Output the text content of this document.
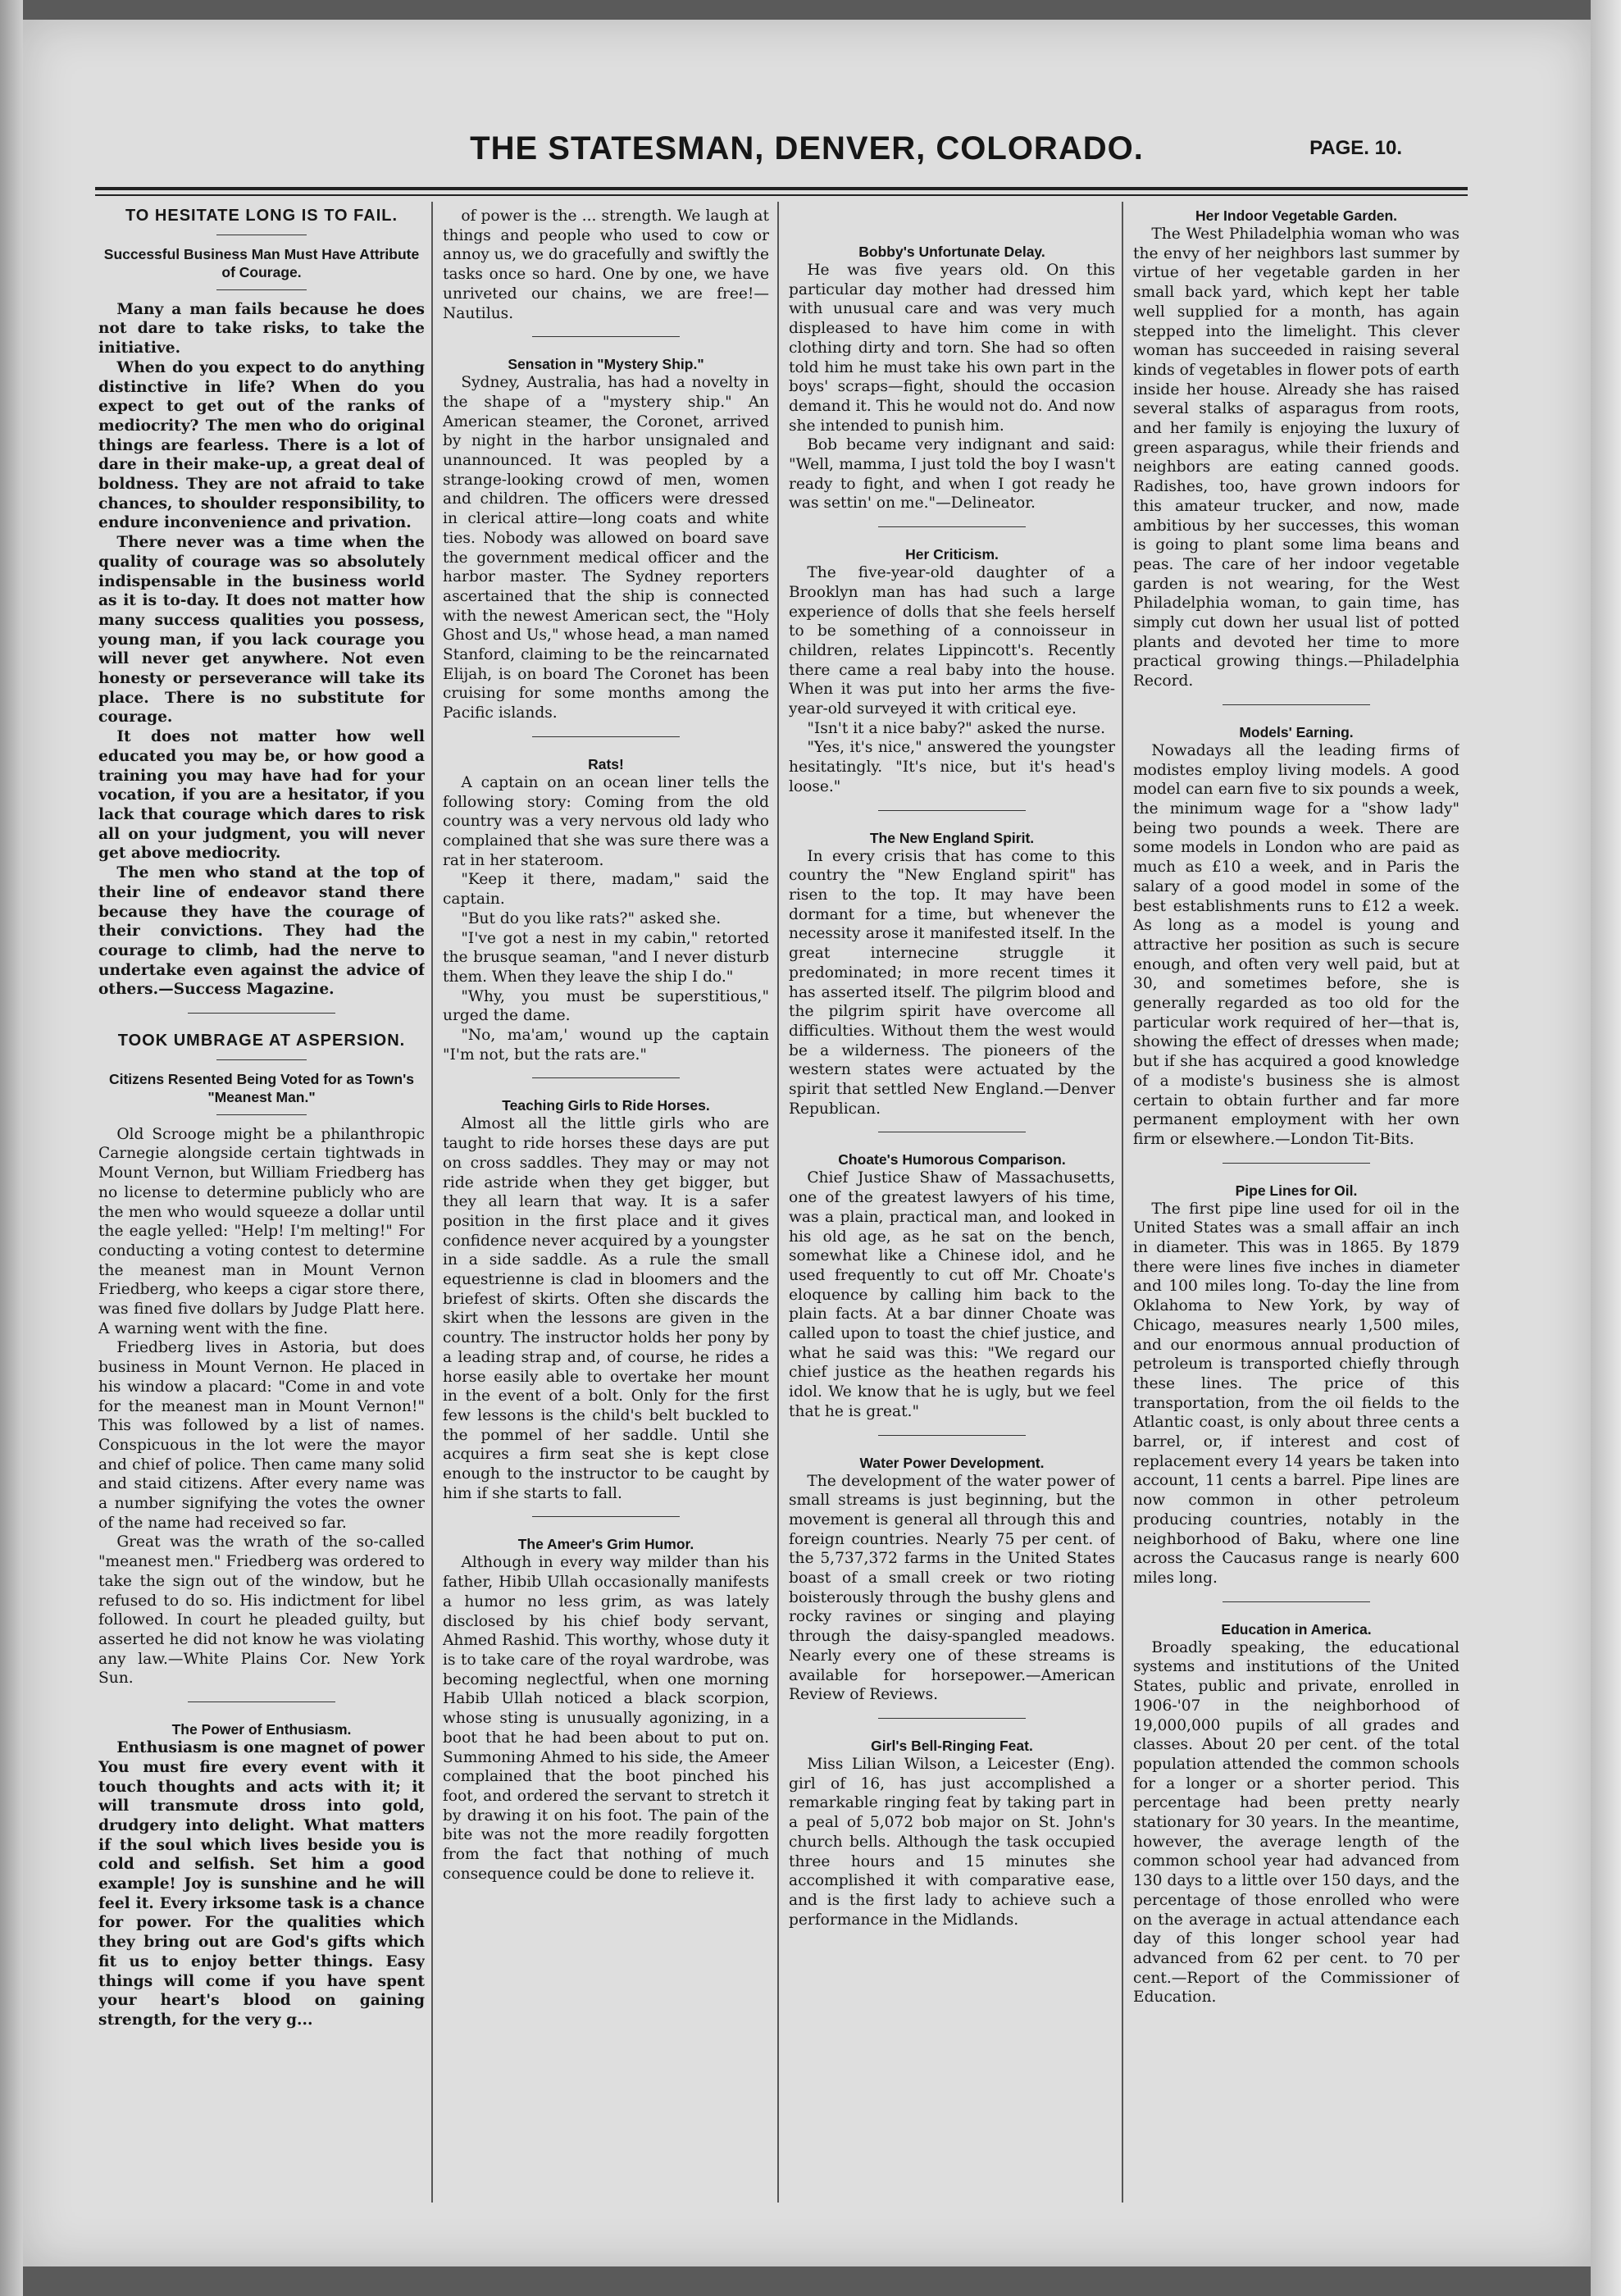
THE STATESMAN, DENVER, COLORADO.	PAGE. 10.

TO HESITATE LONG IS TO FAIL.

Successful Business Man Must Have Attribute of Courage.

Many a man fails because he does not dare to take risks, to take the initiative.

When do you expect to do anything distinctive in life? When do you expect to get out of the ranks of mediocrity? The men who do original things are fearless. There is a lot of dare in their make-up, a great deal of boldness. They are not afraid to take chances, to shoulder responsibility, to endure inconvenience and privation.

There never was a time when the quality of courage was so absolutely indispensable in the business world as it is to-day. It does not matter how many success qualities you possess, young man, if you lack courage you will never get anywhere. Not even honesty or perseverance will take its place. There is no substitute for courage.

It does not matter how well educated you may be, or how good a training you may have had for your vocation, if you are a hesitator, if you lack that courage which dares to risk all on your judgment, you will never get above mediocrity.

The men who stand at the top of their line of endeavor stand there because they have the courage of their convictions. They had the courage to climb, had the nerve to undertake even against the advice of others.—Success Magazine.

TOOK UMBRAGE AT ASPERSION.

Citizens Resented Being Voted for as Town's "Meanest Man."

Old Scrooge might be a philanthropic Carnegie alongside certain tightwads in Mount Vernon, but William Friedberg has no license to determine publicly who are the men who would squeeze a dollar until the eagle yelled: "Help! I'm melting!" For conducting a voting contest to determine the meanest man in Mount Vernon Friedberg, who keeps a cigar store there, was fined five dollars by Judge Platt here. A warning went with the fine.

Friedberg lives in Astoria, but does business in Mount Vernon. He placed in his window a placard: "Come in and vote for the meanest man in Mount Vernon!" This was followed by a list of names. Conspicuous in the lot were the mayor and chief of police. Then came many solid and staid citizens. After every name was a number signifying the votes the owner of the name had received so far.

Great was the wrath of the so-called "meanest men." Friedberg was ordered to take the sign out of the window, but he refused to do so. His indictment for libel followed. In court he pleaded guilty, but asserted he did not know he was violating any law.—White Plains Cor. New York Sun.

The Power of Enthusiasm.

Enthusiasm is one magnet of power You must fire every event with it touch thoughts and acts with it; it will transmute dross into gold, drudgery into delight. What matters if the soul which lives beside you is cold and selfish. Set him a good example! Joy is sunshine and he will feel it. Every irksome task is a chance for power. For the qualities which they bring out are God's gifts which fit us to enjoy better things. Easy things will come if you have spent your heart's blood on gaining strength, for the very g...

of power is the ... strength. We laugh at things and people who used to cow or annoy us, we do gracefully and swiftly the tasks once so hard. One by one, we have unriveted our chains, we are free!—Nautilus.

Sensation in "Mystery Ship."

Sydney, Australia, has had a novelty in the shape of a "mystery ship." An American steamer, the Coronet, arrived by night in the harbor unsignaled and unannounced. It was peopled by a strange-looking crowd of men, women and children. The officers were dressed in clerical attire—long coats and white ties. Nobody was allowed on board save the government medical officer and the harbor master. The Sydney reporters ascertained that the ship is connected with the newest American sect, the "Holy Ghost and Us," whose head, a man named Stanford, claiming to be the reincarnated Elijah, is on board The Coronet has been cruising for some months among the Pacific islands.

Rats!

A captain on an ocean liner tells the following story: Coming from the old country was a very nervous old lady who complained that she was sure there was a rat in her stateroom.

"Keep it there, madam," said the captain.

"But do you like rats?" asked she.

"I've got a nest in my cabin," retorted the brusque seaman, "and I never disturb them. When they leave the ship I do."

"Why, you must be superstitious," urged the dame.

"No, ma'am,' wound up the captain "I'm not, but the rats are."

Teaching Girls to Ride Horses.

Almost all the little girls who are taught to ride horses these days are put on cross saddles. They may or may not ride astride when they get bigger, but they all learn that way. It is a safer position in the first place and it gives confidence never acquired by a youngster in a side saddle. As a rule the small equestrienne is clad in bloomers and the briefest of skirts. Often she discards the skirt when the lessons are given in the country. The instructor holds her pony by a leading strap and, of course, he rides a horse easily able to overtake her mount in the event of a bolt. Only for the first few lessons is the child's belt buckled to the pommel of her saddle. Until she acquires a firm seat she is kept close enough to the instructor to be caught by him if she starts to fall.

The Ameer's Grim Humor.

Although in every way milder than his father, Hibib Ullah occasionally manifests a humor no less grim, as was lately disclosed by his chief body servant, Ahmed Rashid. This worthy, whose duty it is to take care of the royal wardrobe, was becoming neglectful, when one morning Habib Ullah noticed a black scorpion, whose sting is unusually agonizing, in a boot that he had been about to put on. Summoning Ahmed to his side, the Ameer complained that the boot pinched his foot, and ordered the servant to stretch it by drawing it on his foot. The pain of the bite was not the more readily forgotten from the fact that nothing of much consequence could be done to relieve it.

Bobby's Unfortunate Delay.

He was five years old. On this particular day mother had dressed him with unusual care and was very much displeased to have him come in with clothing dirty and torn. She had so often told him he must take his own part in the boys' scraps—fight, should the occasion demand it. This he would not do. And now she intended to punish him.

Bob became very indignant and said: "Well, mamma, I just told the boy I wasn't ready to fight, and when I got ready he was settin' on me."—Delineator.

Her Criticism.

The five-year-old daughter of a Brooklyn man has had such a large experience of dolls that she feels herself to be something of a connoisseur in children, relates Lippincott's. Recently there came a real baby into the house. When it was put into her arms the five-year-old surveyed it with critical eye.

"Isn't it a nice baby?" asked the nurse.

"Yes, it's nice," answered the youngster hesitatingly. "It's nice, but it's head's loose."

The New England Spirit.

In every crisis that has come to this country the "New England spirit" has risen to the top. It may have been dormant for a time, but whenever the necessity arose it manifested itself. In the great internecine struggle it predominated; in more recent times it has asserted itself. The pilgrim blood and the pilgrim spirit have overcome all difficulties. Without them the west would be a wilderness. The pioneers of the western states were actuated by the spirit that settled New England.—Denver Republican.

Choate's Humorous Comparison.

Chief Justice Shaw of Massachusetts, one of the greatest lawyers of his time, was a plain, practical man, and looked in his old age, as he sat on the bench, somewhat like a Chinese idol, and he used frequently to cut off Mr. Choate's eloquence by calling him back to the plain facts. At a bar dinner Choate was called upon to toast the chief justice, and what he said was this: "We regard our chief justice as the heathen regards his idol. We know that he is ugly, but we feel that he is great."

Water Power Development.

The development of the water power of small streams is just beginning, but the movement is general all through this and foreign countries. Nearly 75 per cent. of the 5,737,372 farms in the United States boast of a small creek or two rioting boisterously through the bushy glens and rocky ravines or singing and playing through the daisy-spangled meadows. Nearly every one of these streams is available for horsepower.—American Review of Reviews.

Girl's Bell-Ringing Feat.

Miss Lilian Wilson, a Leicester (Eng). girl of 16, has just accomplished a remarkable ringing feat by taking part in a peal of 5,072 bob major on St. John's church bells. Although the task occupied three hours and 15 minutes she accomplished it with comparative ease, and is the first lady to achieve such a performance in the Midlands.

Her Indoor Vegetable Garden.

The West Philadelphia woman who was the envy of her neighbors last summer by virtue of her vegetable garden in her small back yard, which kept her table well supplied for a month, has again stepped into the limelight. This clever woman has succeeded in raising several kinds of vegetables in flower pots of earth inside her house. Already she has raised several stalks of asparagus from roots, and her family is enjoying the luxury of green asparagus, while their friends and neighbors are eating canned goods. Radishes, too, have grown indoors for this amateur trucker, and now, made ambitious by her successes, this woman is going to plant some lima beans and peas. The care of her indoor vegetable garden is not wearing, for the West Philadelphia woman, to gain time, has simply cut down her usual list of potted plants and devoted her time to more practical growing things.—Philadelphia Record.

Models' Earning.

Nowadays all the leading firms of modistes employ living models. A good model can earn five to six pounds a week, the minimum wage for a "show lady" being two pounds a week. There are some models in London who are paid as much as £10 a week, and in Paris the salary of a good model in some of the best establishments runs to £12 a week. As long as a model is young and attractive her position as such is secure enough, and often very well paid, but at 30, and sometimes before, she is generally regarded as too old for the particular work required of her—that is, showing the effect of dresses when made; but if she has acquired a good knowledge of a modiste's business she is almost certain to obtain further and far more permanent employment with her own firm or elsewhere.—London Tit-Bits.

Pipe Lines for Oil.

The first pipe line used for oil in the United States was a small affair an inch in diameter. This was in 1865. By 1879 there were lines five inches in diameter and 100 miles long. To-day the line from Oklahoma to New York, by way of Chicago, measures nearly 1,500 miles, and our enormous annual production of petroleum is transported chiefly through these lines. The price of this transportation, from the oil fields to the Atlantic coast, is only about three cents a barrel, or, if interest and cost of replacement every 14 years be taken into account, 11 cents a barrel. Pipe lines are now common in other petroleum producing countries, notably in the neighborhood of Baku, where one line across the Caucasus range is nearly 600 miles long.

Education in America.

Broadly speaking, the educational systems and institutions of the United States, public and private, enrolled in 1906-'07 in the neighborhood of 19,000,000 pupils of all grades and classes. About 20 per cent. of the total population attended the common schools for a longer or a shorter period. This percentage had been pretty nearly stationary for 30 years. In the meantime, however, the average length of the common school year had advanced from 130 days to a little over 150 days, and the percentage of those enrolled who were on the average in actual attendance each day of this longer school year had advanced from 62 per cent. to 70 per cent.—Report of the Commissioner of Education.
